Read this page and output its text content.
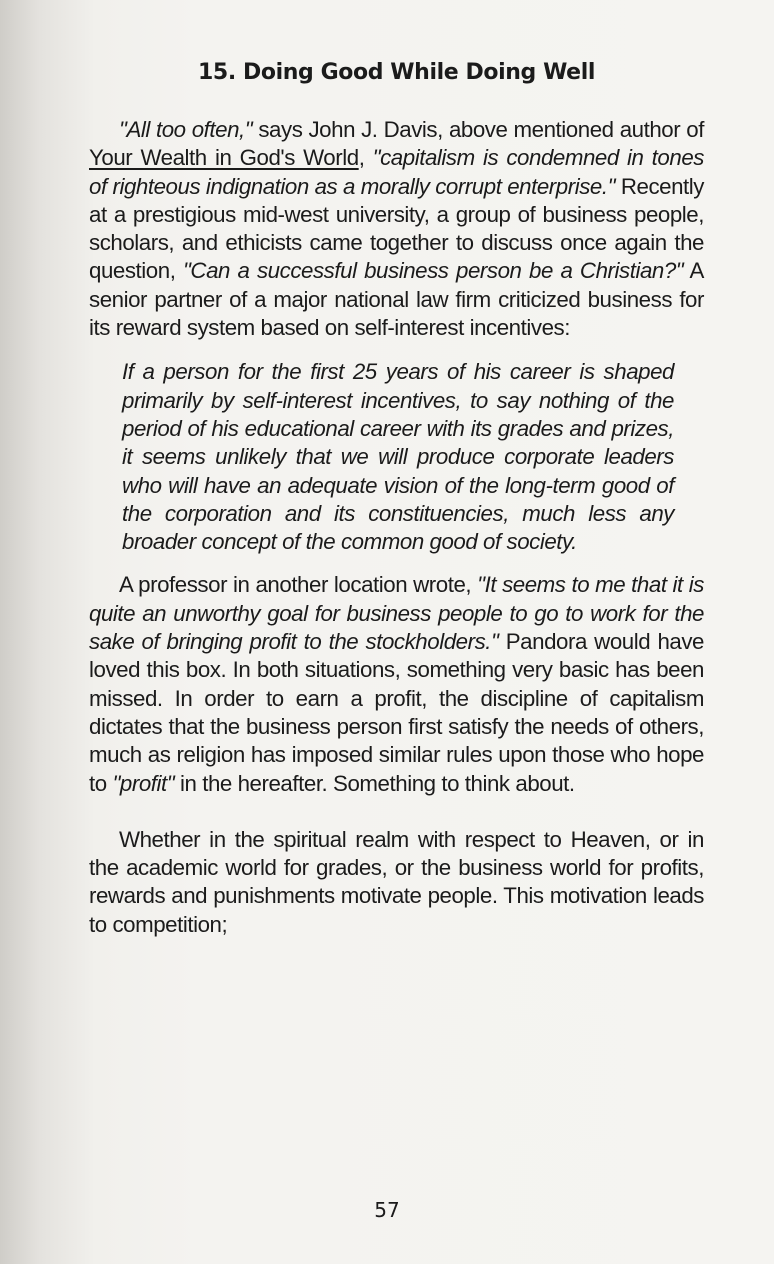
15. Doing Good While Doing Well

"All too often," says John J. Davis, above mentioned author of Your Wealth in God's World, "capitalism is condemned in tones of righteous indignation as a morally corrupt enterprise." Recently at a prestigious mid-west university, a group of business people, scholars, and ethicists came together to discuss once again the question, "Can a successful business person be a Christian?" A senior partner of a major national law firm criticized business for its reward system based on self-interest incentives:

If a person for the first 25 years of his career is shaped primarily by self-interest incentives, to say nothing of the period of his educational career with its grades and prizes, it seems unlikely that we will produce corporate leaders who will have an adequate vision of the long-term good of the corporation and its constituencies, much less any broader concept of the common good of society.

A professor in another location wrote, "It seems to me that it is quite an unworthy goal for business people to go to work for the sake of bringing profit to the stockholders." Pandora would have loved this box. In both situations, something very basic has been missed. In order to earn a profit, the discipline of capitalism dictates that the business person first satisfy the needs of others, much as religion has imposed similar rules upon those who hope to "profit" in the hereafter. Something to think about.

Whether in the spiritual realm with respect to Heaven, or in the academic world for grades, or the business world for profits, rewards and punishments motivate people. This motivation leads to competition;

57
